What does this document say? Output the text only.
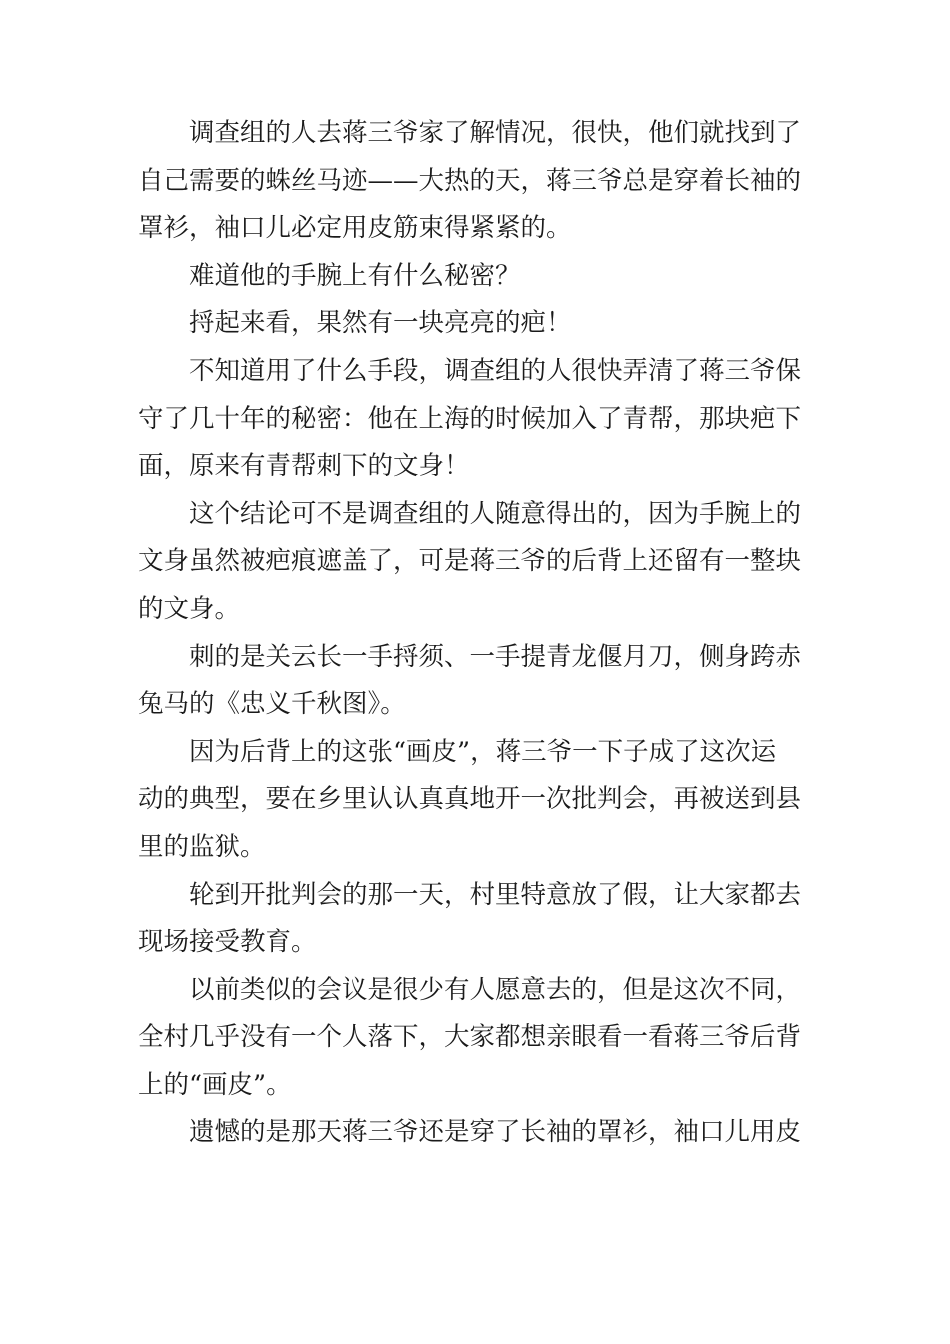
调查组的人去蒋三爷家了解情况，很快，他们就找到了
自己需要的蛛丝马迹——大热的天，蒋三爷总是穿着长袖的
罩衫，袖口儿必定用皮筋束得紧紧的。
难道他的手腕上有什么秘密？
捋起来看，果然有一块亮亮的疤！
不知道用了什么手段，调查组的人很快弄清了蒋三爷保
守了几十年的秘密：他在上海的时候加入了青帮，那块疤下
面，原来有青帮刺下的文身！
这个结论可不是调查组的人随意得出的，因为手腕上的
文身虽然被疤痕遮盖了，可是蒋三爷的后背上还留有一整块
的文身。
刺的是关云长一手捋须、一手提青龙偃月刀，侧身跨赤
兔马的《忠义千秋图》。
因为后背上的这张“画皮”，蒋三爷一下子成了这次运
动的典型，要在乡里认认真真地开一次批判会，再被送到县
里的监狱。
轮到开批判会的那一天，村里特意放了假，让大家都去
现场接受教育。
以前类似的会议是很少有人愿意去的，但是这次不同，
全村几乎没有一个人落下，大家都想亲眼看一看蒋三爷后背
上的“画皮”。
遗憾的是那天蒋三爷还是穿了长袖的罩衫，袖口儿用皮
